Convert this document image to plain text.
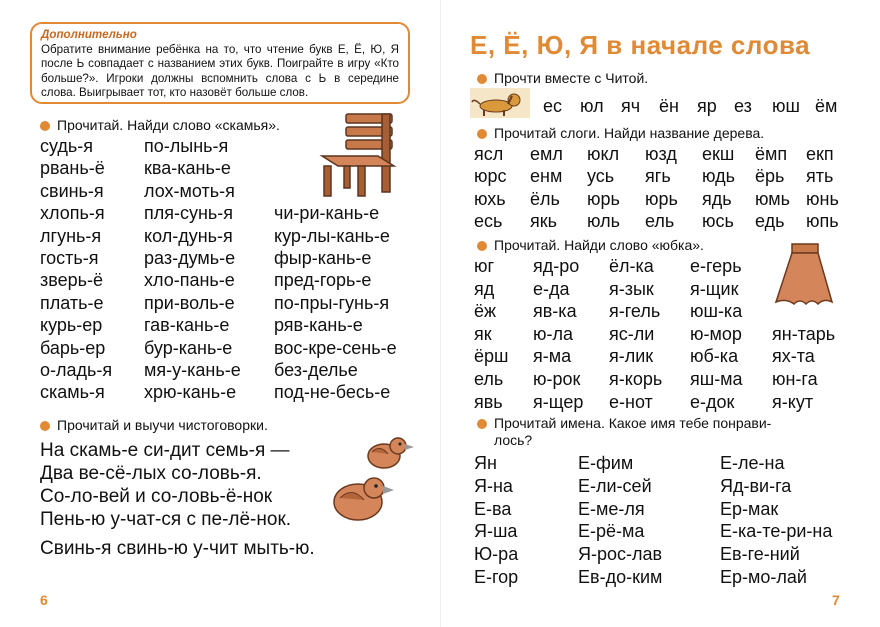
Дополнительно
Обратите внимание ребёнка на то, что чтение букв Е, Ё, Ю, Я после Ь совпадает с названием этих букв. Поиграйте в игру «Кто больше?». Игроки должны вспомнить слова с Ь в середине слова. Выигрывает тот, кто назовёт больше слов.
Прочитай. Найди слово «скамья».
судь-я
рвань-ё
свинь-я
хлопь-я
лгунь-я
гость-я
зверь-ё
плать-е
курь-ер
барь-ер
о-ладь-я
скамь-я
по-лынь-я
ква-кань-е
лох-моть-я
пля-сунь-я
кол-дунь-я
раз-думь-е
хло-пань-е
при-воль-е
гав-кань-е
бур-кань-е
мя-у-кань-е
хрю-кань-е
чи-ри-кань-е
кур-лы-кань-е
фыр-кань-е
пред-горь-е
по-пры-гунь-я
ряв-кань-е
вос-кре-сень-е
без-делье
под-не-бесь-е
Прочитай и выучи чистоговорки.
На скамь-е си-дит семь-я —
Два ве-сё-лых со-ловь-я.
Со-ло-вей и со-ловь-ё-нок
Пень-ю у-чат-ся с пе-лё-нок.
Свинь-я свинь-ю у-чит мыть-ю.
6
Е, Ё, Ю, Я в начале слова
Прочти вместе с Читой.
ес юл яч ён яр ез юш ём
Прочитай слоги. Найди название дерева.
ясл емл юкл юзд екш ёмп екп
юрс енм усь ягь юдь ёрь ять
юхь ёль юрь юрь ядь юмь юнь
есь якь юль ель юсь едь юпь
Прочитай. Найди слово «юбка».
юг
яд
ёж
як
ёрш
ель
явь
яд-ро
е-да
яв-ка
ю-ла
я-ма
ю-рок
я-щер
ёл-ка
я-зык
я-гель
яс-ли
я-лик
я-корь
е-нот
е-герь
я-щик
юш-ка
ю-мор
юб-ка
яш-ма
е-док
ян-тарь
ях-та
юн-га
я-кут
Прочитай имена. Какое имя тебе понрави-
лось?
Ян
Я-на
Е-ва
Я-ша
Ю-ра
Е-гор
Е-фим
Е-ли-сей
Е-ме-ля
Е-рё-ма
Я-рос-лав
Ев-до-ким
Е-ле-на
Яд-ви-га
Ер-мак
Е-ка-те-ри-на
Ев-ге-ний
Ер-мо-лай
7
